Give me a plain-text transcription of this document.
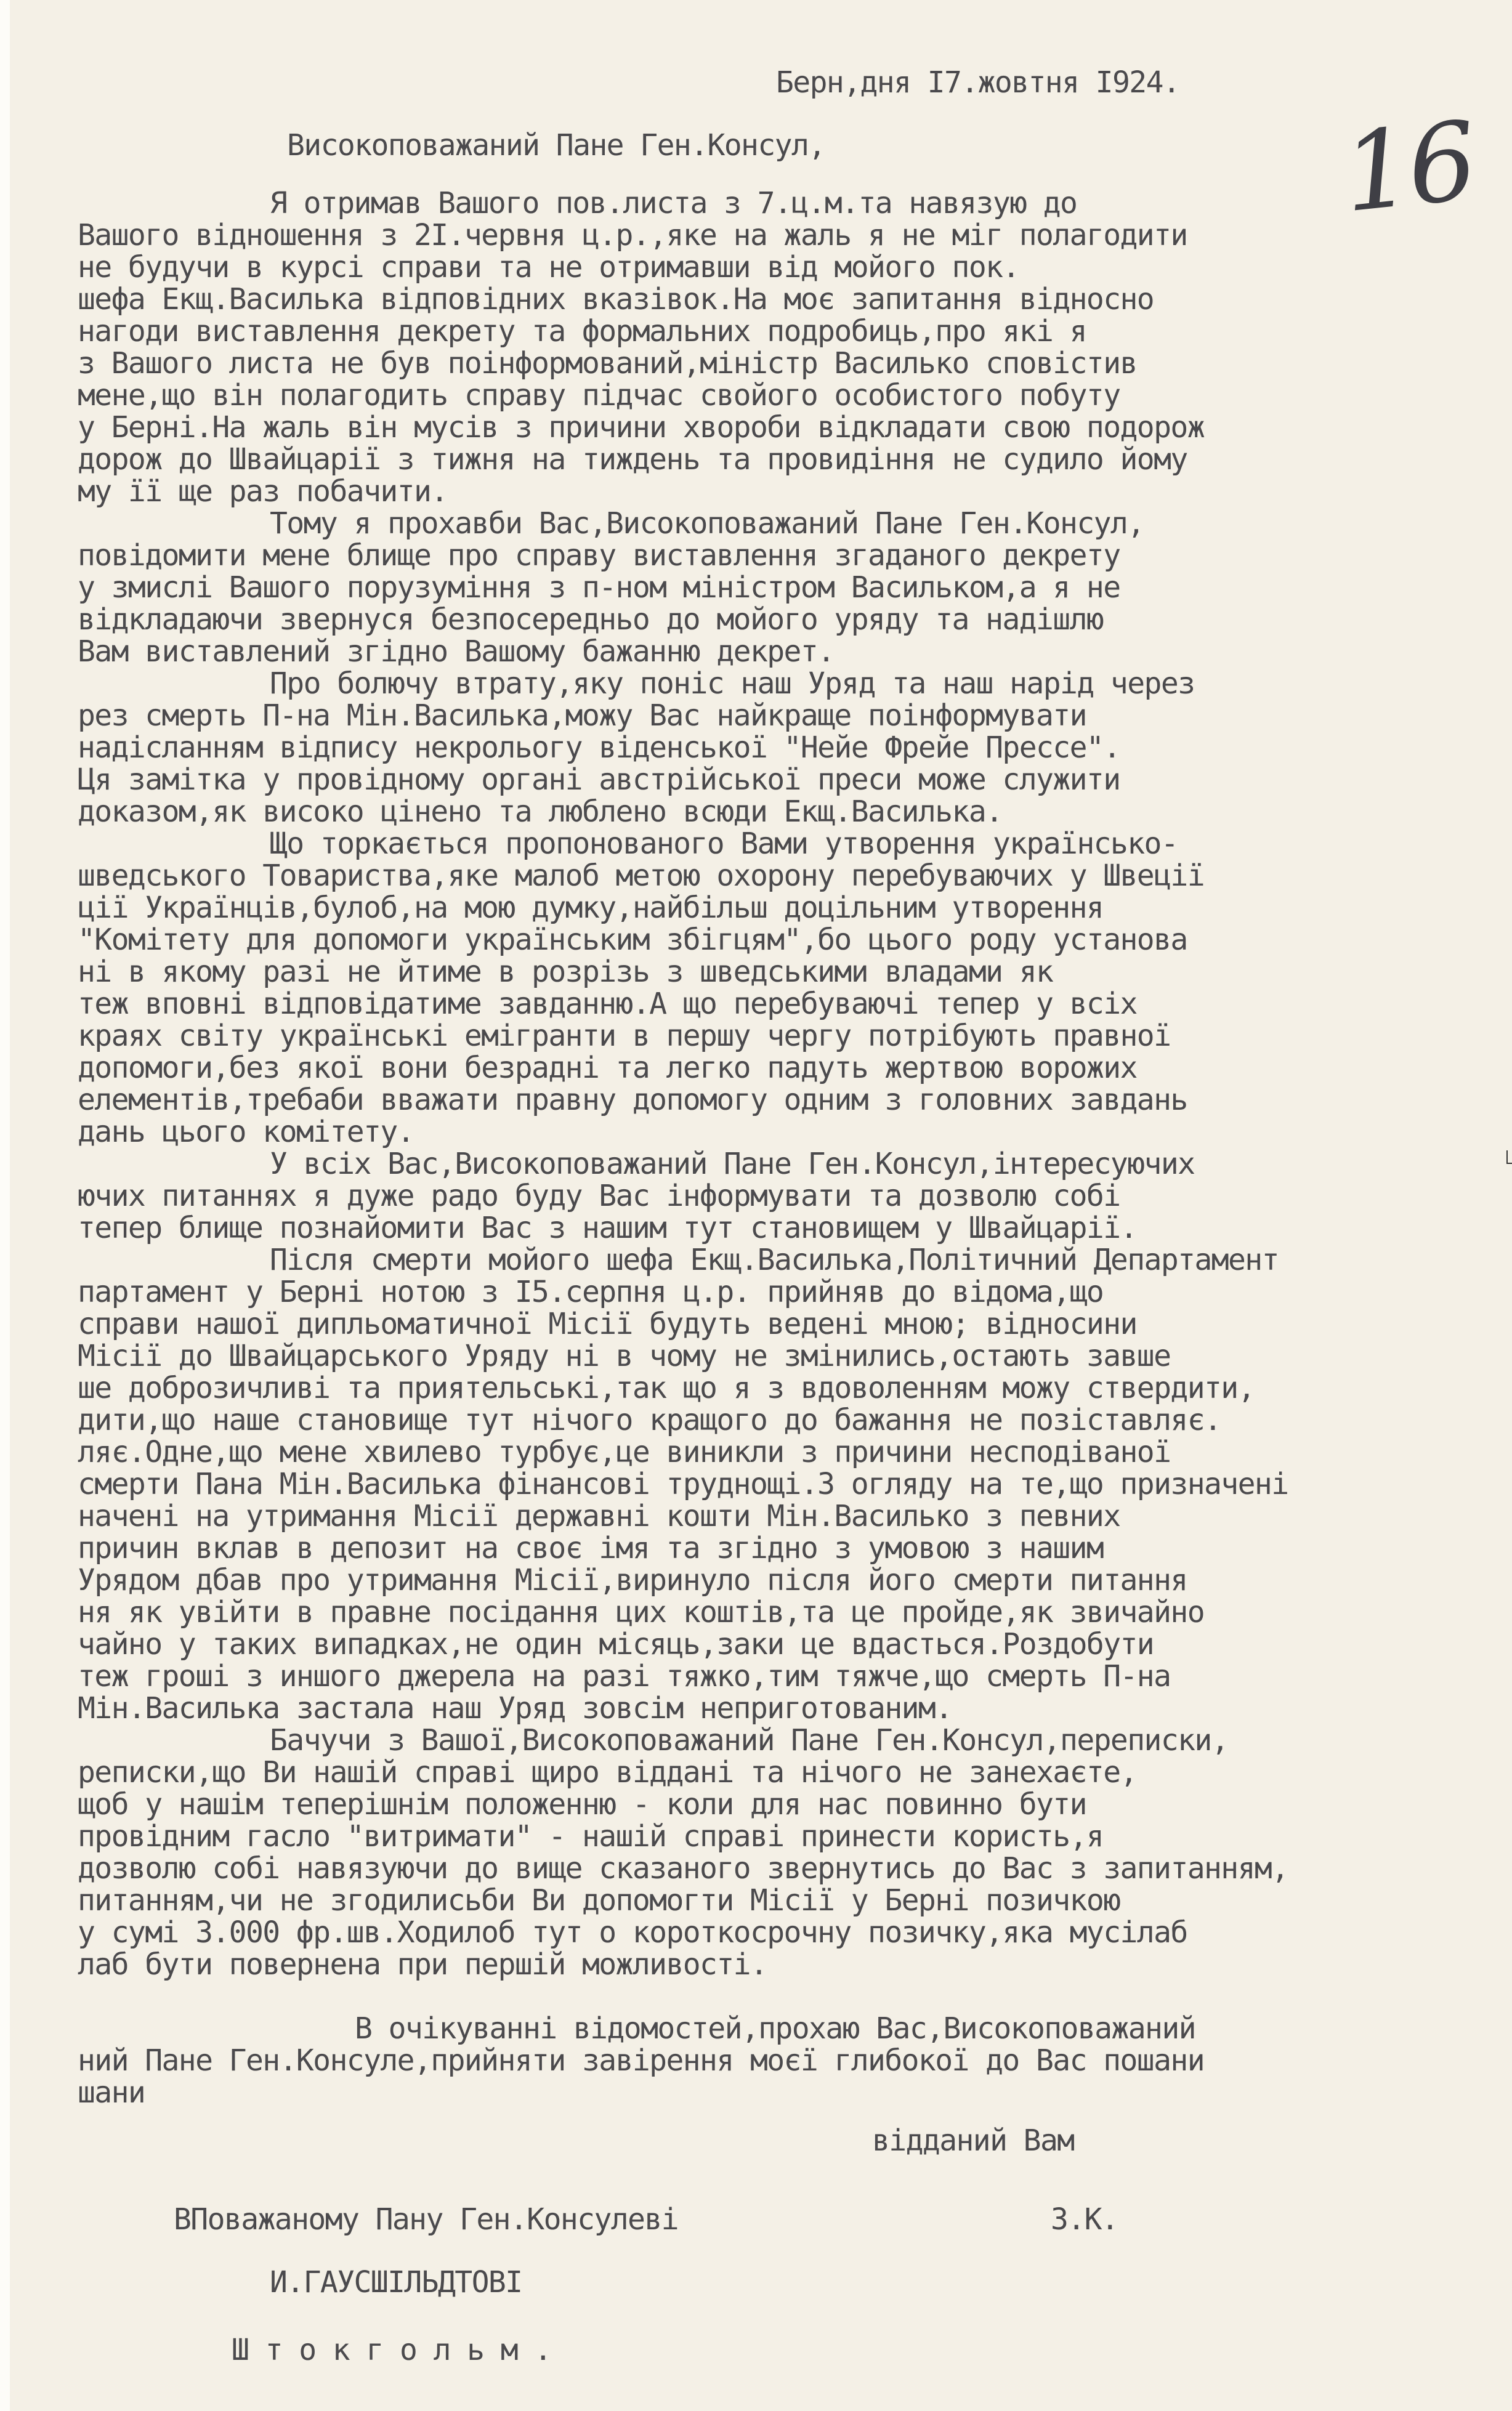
Берн,дня I7.жовтня I924.
Високоповажаний Пане Ген.Консул,	16
Я отримав Вашого пов.листа з 7.ц.м.та навязую до
Вашого відношення з 2I.червня ц.р.,яке на жаль я не міг полагодити
не будучи в курсі справи та не отримавши від мойого пок.
шефа Екщ.Василька відповідних вказівок.На моє запитання відносно
нагоди виставлення декрету та формальних подробиць,про які я
з Вашого листа не був поінформований,міністр Василько сповістив
мене,що він полагодить справу підчас свойого особистого побуту
у Берні.На жаль він мусів з причини хвороби відкладати свою подорож
дорож до Швайцарії з тижня на тиждень та провидіння не судило йому
му її ще раз побачити.
Тому я прохавби Вас,Високоповажаний Пане Ген.Консул,
повідомити мене блище про справу виставлення згаданого декрету
у змислі Вашого порузуміння з п-ном міністром Васильком,а я не
відкладаючи звернуся безпосередньо до мойого уряду та надішлю
Вам виставлений згідно Вашому бажанню декрет.
Про болючу втрату,яку поніс наш Уряд та наш нарід через
рез смерть П-на Мін.Василька,можу Вас найкраще поінформувати
надісланням відпису некрольогу віденської "Нейе Фрейе Прессе".
Ця замітка у провідному органі австрійської преси може служити
доказом,як високо цінено та люблено всюди Екщ.Василька.
Що торкається пропонованого Вами утворення українсько-
шведського Товариства,яке малоб метою охорону перебуваючих у Швеції
ції Українців,булоб,на мою думку,найбільш доцільним утворення
"Комітету для допомоги українським збігцям",бо цього роду установа
ні в якому разі не йтиме в розрізь з шведськими владами як
теж вповні відповідатиме завданню.А що перебуваючі тепер у всіх
краях світу українські емігранти в першу чергу потрібують правної
допомоги,без якої вони безрадні та легко падуть жертвою ворожих
елементів,требаби вважати правну допомогу одним з головних завдань
дань цього комітету.
У всіх Вас,Високоповажаний Пане Ген.Консул,інтересуючих
ючих питаннях я дуже радо буду Вас інформувати та дозволю собі
тепер блище познайомити Вас з нашим тут становищем у Швайцарії.
Після смерти мойого шефа Екщ.Василька,Політичний Департамент
партамент у Берні нотою з I5.серпня ц.р. прийняв до відома,що
справи нашої дипльоматичної Місії будуть ведені мною; відносини
Місії до Швайцарського Уряду ні в чому не змінились,остають завше
ше доброзичливі та приятельські,так що я з вдоволенням можу ствердити,
дити,що наше становище тут нічого кращого до бажання не позіставляє.
ляє.Одне,що мене хвилево турбує,це виникли з причини несподіваної
смерти Пана Мін.Василька фінансові труднощі.З огляду на те,що призначені
начені на утримання Місії державні кошти Мін.Василько з певних
причин вклав в депозит на своє імя та згідно з умовою з нашим
Урядом дбав про утримання Місії,виринуло після його смерти питання
ня як увійти в правне посідання цих коштів,та це пройде,як звичайно
чайно у таких випадках,не один місяць,заки це вдасться.Роздобути
теж гроші з иншого джерела на разі тяжко,тим тяжче,що смерть П-на
Мін.Василька застала наш Уряд зовсім неприготованим.
Бачучи з Вашої,Високоповажаний Пане Ген.Консул,переписки,
реписки,що Ви нашій справі щиро віддані та нічого не занехаєте,
щоб у нашім теперішнім положенню - коли для нас повинно бути
провідним гасло "витримати" - нашій справі принести користь,я
дозволю собі навязуючи до вище сказаного звернутись до Вас з запитанням,
питанням,чи не згодилисьби Ви допомогти Місії у Берні позичкою
у сумі 3.000 фр.шв.Ходилоб тут о короткосрочну позичку,яка мусілаб
лаб бути повернена при першій можливості.
В очікуванні відомостей,прохаю Вас,Високоповажаний
ний Пане Ген.Консуле,прийняти завірення моєї глибокої до Вас пошани
шани
відданий Вам
ВПоважаному Пану Ген.Консулеві	З.К.
И.ГАУСШІЛЬДТОВІ
Ш т о к г о л ь м .
